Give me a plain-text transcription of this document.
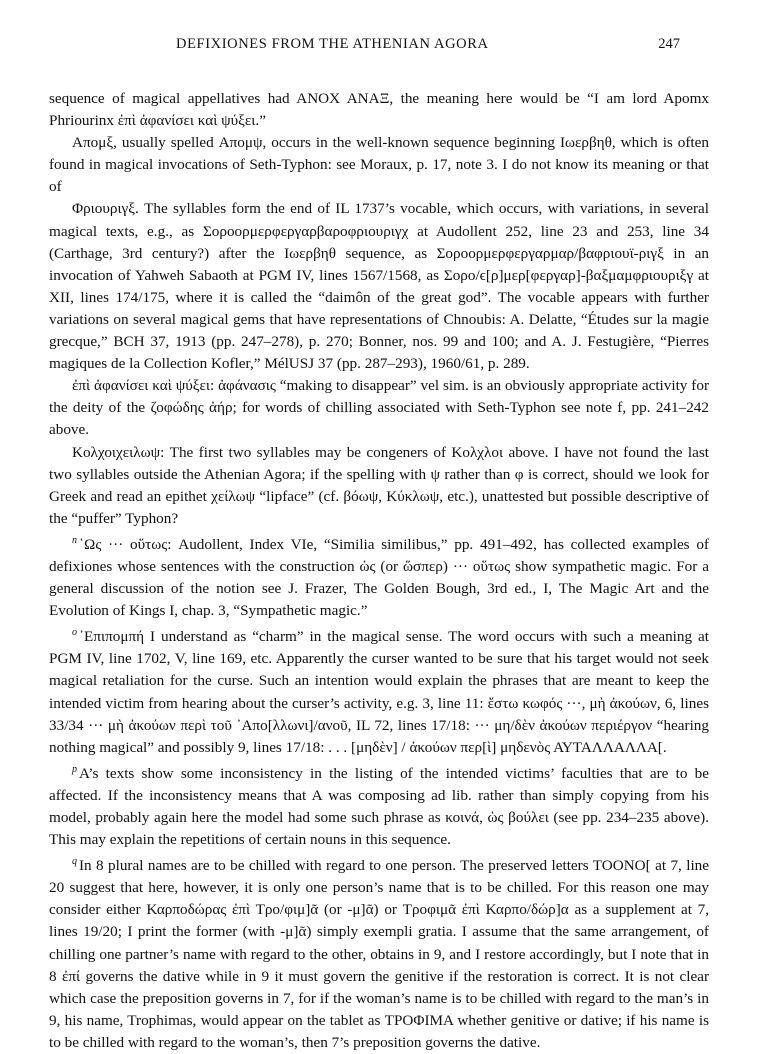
DEFIXIONES FROM THE ATHENIAN AGORA	247

sequence of magical appellatives had ANOX ANAΞ, the meaning here would be “I am lord Apomx Phriourinx ἐπὶ ἀφανίσει καὶ ψύξει.”

Απομξ, usually spelled Απομψ, occurs in the well-known sequence beginning Ιωερβηθ, which is often found in magical invocations of Seth-Typhon: see Moraux, p. 17, note 3. I do not know its meaning or that of

Φριουριγξ. The syllables form the end of IL 1737’s vocable, which occurs, with variations, in several magical texts, e.g., as Σοροορμερφεργαρβαροφριουριγχ at Audollent 252, line 23 and 253, line 34 (Carthage, 3rd century?) after the Ιωερβηθ sequence, as Σοροορμερφεργαρμαρ/βαφριουϊ-ριγξ in an invocation of Yahweh Sabaoth at PGM IV, lines 1567/1568, as Σορο/ϵ[ρ]μερ[φεργαρ]-βαξμαμφριουριξγ at XII, lines 174/175, where it is called the “daimôn of the great god”. The vocable appears with further variations on several magical gems that have representations of Chnoubis: A. Delatte, “Études sur la magie grecque,” BCH 37, 1913 (pp. 247–278), p. 270; Bonner, nos. 99 and 100; and A. J. Festugière, “Pierres magiques de la Collection Kofler,” MélUSJ 37 (pp. 287–293), 1960/61, p. 289.

ἐπὶ ἀφανίσει καὶ ψύξει: ἀφάνασις “making to disappear” vel sim. is an obviously appropriate activity for the deity of the ζοφώδης ἀήρ; for words of chilling associated with Seth-Typhon see note f, pp. 241–242 above.

Κολχοιχειλωψ: The first two syllables may be congeners of Κολχλοι above. I have not found the last two syllables outside the Athenian Agora; if the spelling with ψ rather than φ is correct, should we look for Greek and read an epithet χείλωψ “lipface” (cf. βόωψ, Κύκλωψ, etc.), unattested but possible descriptive of the “puffer” Typhon?

$^n$ ῾Ως ··· οὕτως: Audollent, Index VIe, “Similia similibus,” pp. 491–492, has collected examples of defixiones whose sentences with the construction ὡς (or ὥσπερ) ··· οὕτως show sympathetic magic. For a general discussion of the notion see J. Frazer, The Golden Bough, 3rd ed., I, The Magic Art and the Evolution of Kings I, chap. 3, “Sympathetic magic.”

$^o$ ᾿Επιπομπή I understand as “charm” in the magical sense. The word occurs with such a meaning at PGM IV, line 1702, V, line 169, etc. Apparently the curser wanted to be sure that his target would not seek magical retaliation for the curse. Such an intention would explain the phrases that are meant to keep the intended victim from hearing about the curser’s activity, e.g. 3, line 11: ἔστω κωφός ···, μὴ ἀκούων, 6, lines 33/34 ··· μὴ ἀκούων περὶ τοῦ ᾿Απο[λλωνι]/ανοῦ, IL 72, lines 17/18: ··· μη/δὲν ἀκούων περιέργον “hearing nothing magical” and possibly 9, lines 17/18: . . . [μηδὲν] / ἀκούων περ[ὶ] μηδενὸς ΑΥΤΑΛΛΑΛΛΑ[.

$^p$ A’s texts show some inconsistency in the listing of the intended victims’ faculties that are to be affected. If the inconsistency means that A was composing ad lib. rather than simply copying from his model, probably again here the model had some such phrase as κοινά, ὡς βούλει (see pp. 234–235 above). This may explain the repetitions of certain nouns in this sequence.

$^q$ In 8 plural names are to be chilled with regard to one person. The preserved letters TOONO[ at 7, line 20 suggest that here, however, it is only one person’s name that is to be chilled. For this reason one may consider either Καρποδώρας ἐπὶ Τρο/φιμ]ᾶ (or -μ]ᾶ) or Τροφιμᾶ ἐπὶ Καρπο/δώρ]α as a supplement at 7, lines 19/20; I print the former (with -μ]ᾶ) simply exempli gratia. I assume that the same arrangement, of chilling one partner’s name with regard to the other, obtains in 9, and I restore accordingly, but I note that in 8 ἐπί governs the dative while in 9 it must govern the genitive if the restoration is correct. It is not clear which case the preposition governs in 7, for if the woman’s name is to be chilled with regard to the man’s in 9, his name, Trophimas, would appear on the tablet as ΤΡΟΦΙΜΑ whether genitive or dative; if his name is to be chilled with regard to the woman’s, then 7’s preposition governs the dative.
